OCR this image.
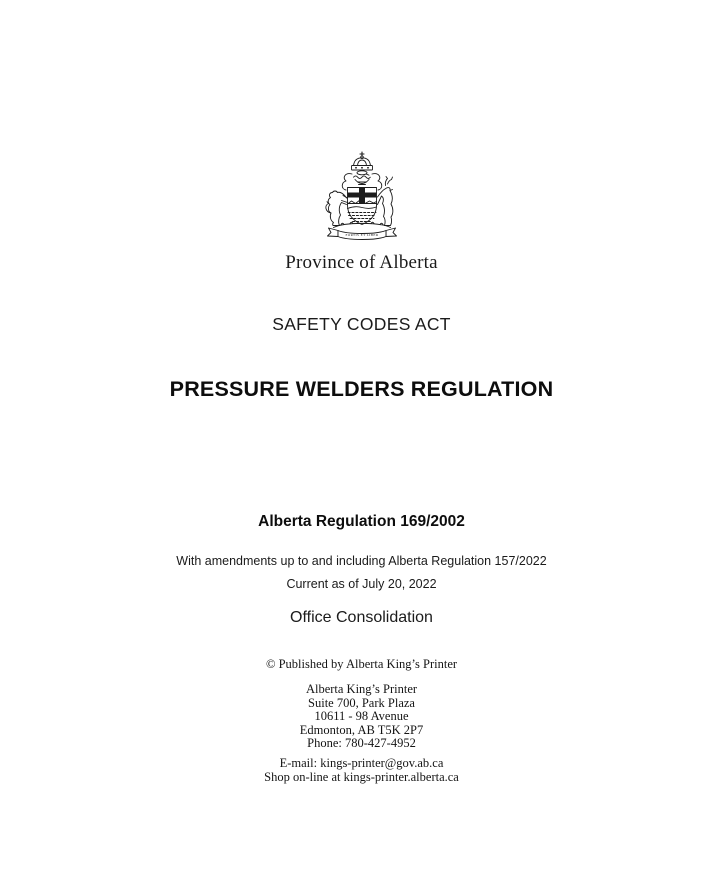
FORTIS ET LIBER
Province of Alberta
SAFETY CODES ACT
PRESSURE WELDERS REGULATION
Alberta Regulation 169/2002
With amendments up to and including Alberta Regulation 157/2022
Current as of July 20, 2022
Office Consolidation
© Published by Alberta King’s Printer
Alberta King’s Printer
Suite 700, Park Plaza
10611 - 98 Avenue
Edmonton, AB T5K 2P7
Phone: 780-427-4952
E-mail: kings-printer@gov.ab.ca
Shop on-line at kings-printer.alberta.ca
